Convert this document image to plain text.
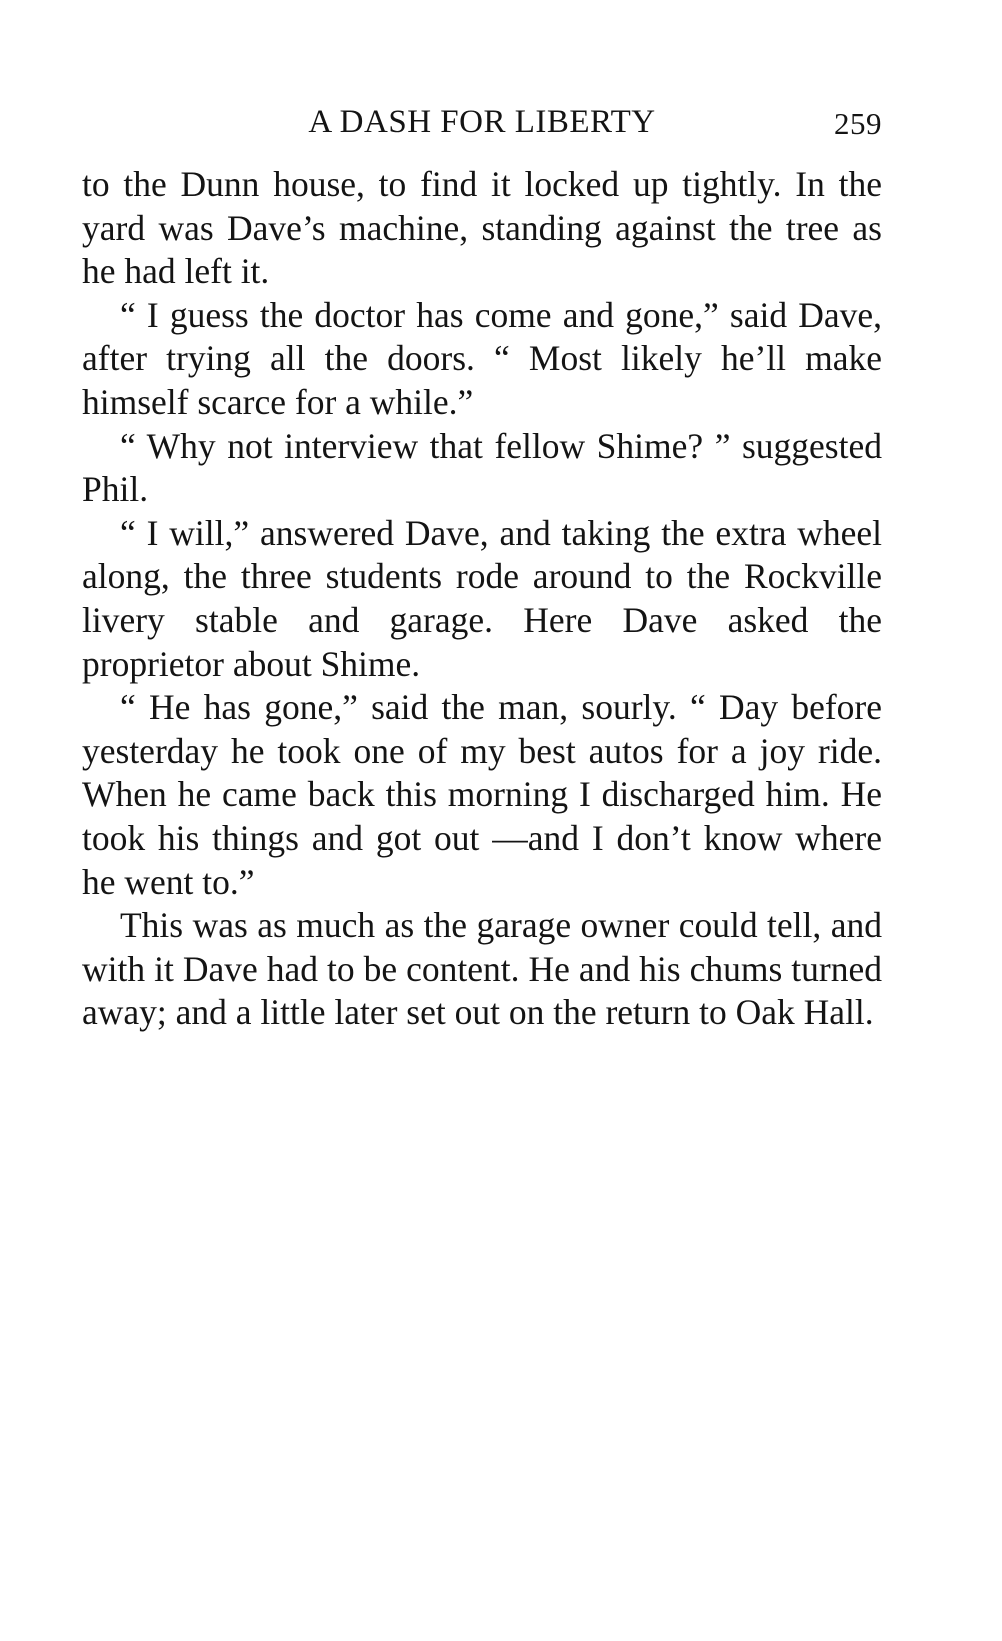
A DASH FOR LIBERTY	259

to the Dunn house, to find it locked up tightly. In the yard was Dave’s machine, standing against the tree as he had left it.

“ I guess the doctor has come and gone,” said Dave, after trying all the doors. “ Most likely he’ll make himself scarce for a while.”

“ Why not interview that fellow Shime? ” suggested Phil.

“ I will,” answered Dave, and taking the extra wheel along, the three students rode around to the Rockville livery stable and garage. Here Dave asked the proprietor about Shime.

“ He has gone,” said the man, sourly. “ Day before yesterday he took one of my best autos for a joy ride. When he came back this morning I discharged him. He took his things and got out —and I don’t know where he went to.”

This was as much as the garage owner could tell, and with it Dave had to be content. He and his chums turned away; and a little later set out on the return to Oak Hall.
